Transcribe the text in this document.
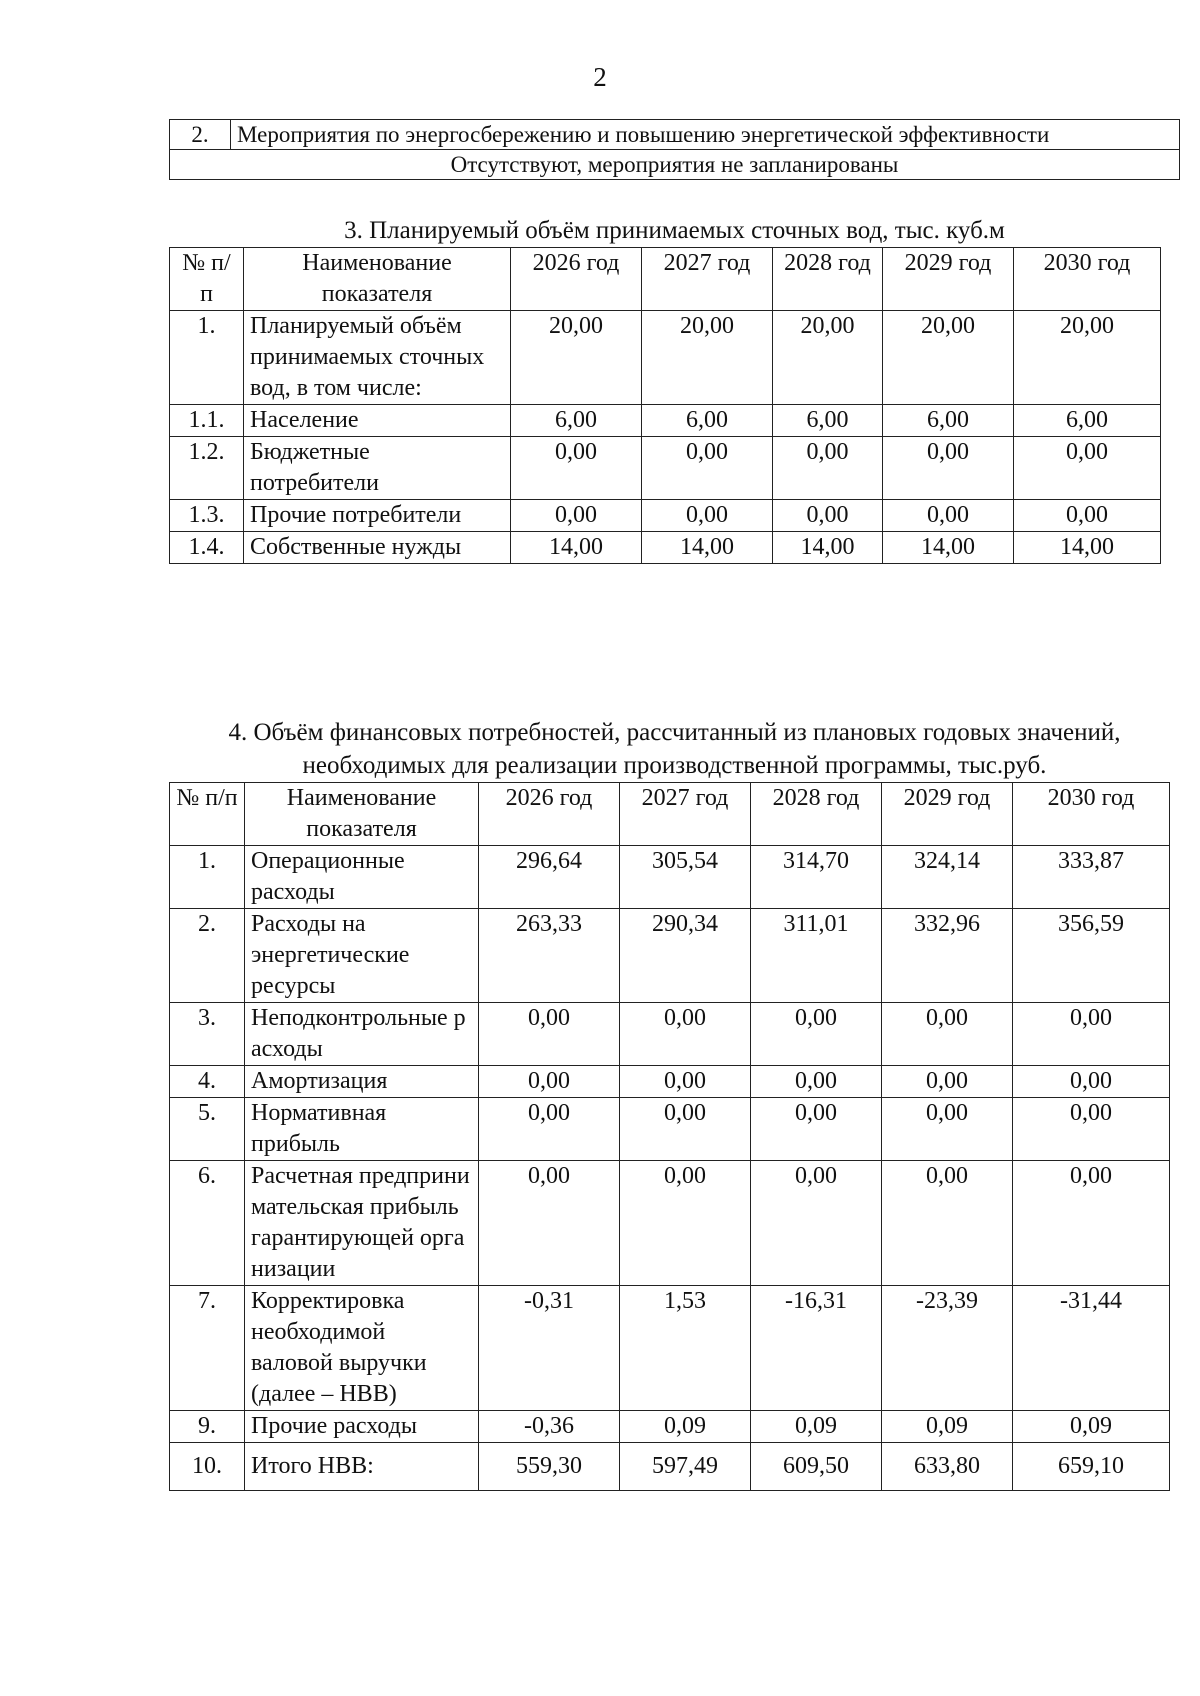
2
2.	Мероприятия по энергосбережению и повышению энергетической эффективности
Отсутствуют, мероприятия не запланированы
3. Планируемый объём принимаемых сточных вод, тыс. куб.м
№ п/п	Наименование показателя	2026 год	2027 год	2028 год	2029 год	2030 год
1.	Планируемый объём принимаемых сточных вод, в том числе:	20,00	20,00	20,00	20,00	20,00
1.1.	Население	6,00	6,00	6,00	6,00	6,00
1.2.	Бюджетные потребители	0,00	0,00	0,00	0,00	0,00
1.3.	Прочие потребители	0,00	0,00	0,00	0,00	0,00
1.4.	Собственные нужды	14,00	14,00	14,00	14,00	14,00
4. Объём финансовых потребностей, рассчитанный из плановых годовых значений, необходимых для реализации производственной программы, тыс.руб.
№ п/п	Наименование показателя	2026 год	2027 год	2028 год	2029 год	2030 год
1.	Операционные расходы	296,64	305,54	314,70	324,14	333,87
2.	Расходы на энергетические ресурсы	263,33	290,34	311,01	332,96	356,59
3.	Неподконтрольные расходы	0,00	0,00	0,00	0,00	0,00
4.	Амортизация	0,00	0,00	0,00	0,00	0,00
5.	Нормативная прибыль	0,00	0,00	0,00	0,00	0,00
6.	Расчетная предпринимательская прибыль гарантирующей организации	0,00	0,00	0,00	0,00	0,00
7.	Корректировка необходимой валовой выручки (далее – НВВ)	-0,31	1,53	-16,31	-23,39	-31,44
9.	Прочие расходы	-0,36	0,09	0,09	0,09	0,09
10.	Итого НВВ:	559,30	597,49	609,50	633,80	659,10
